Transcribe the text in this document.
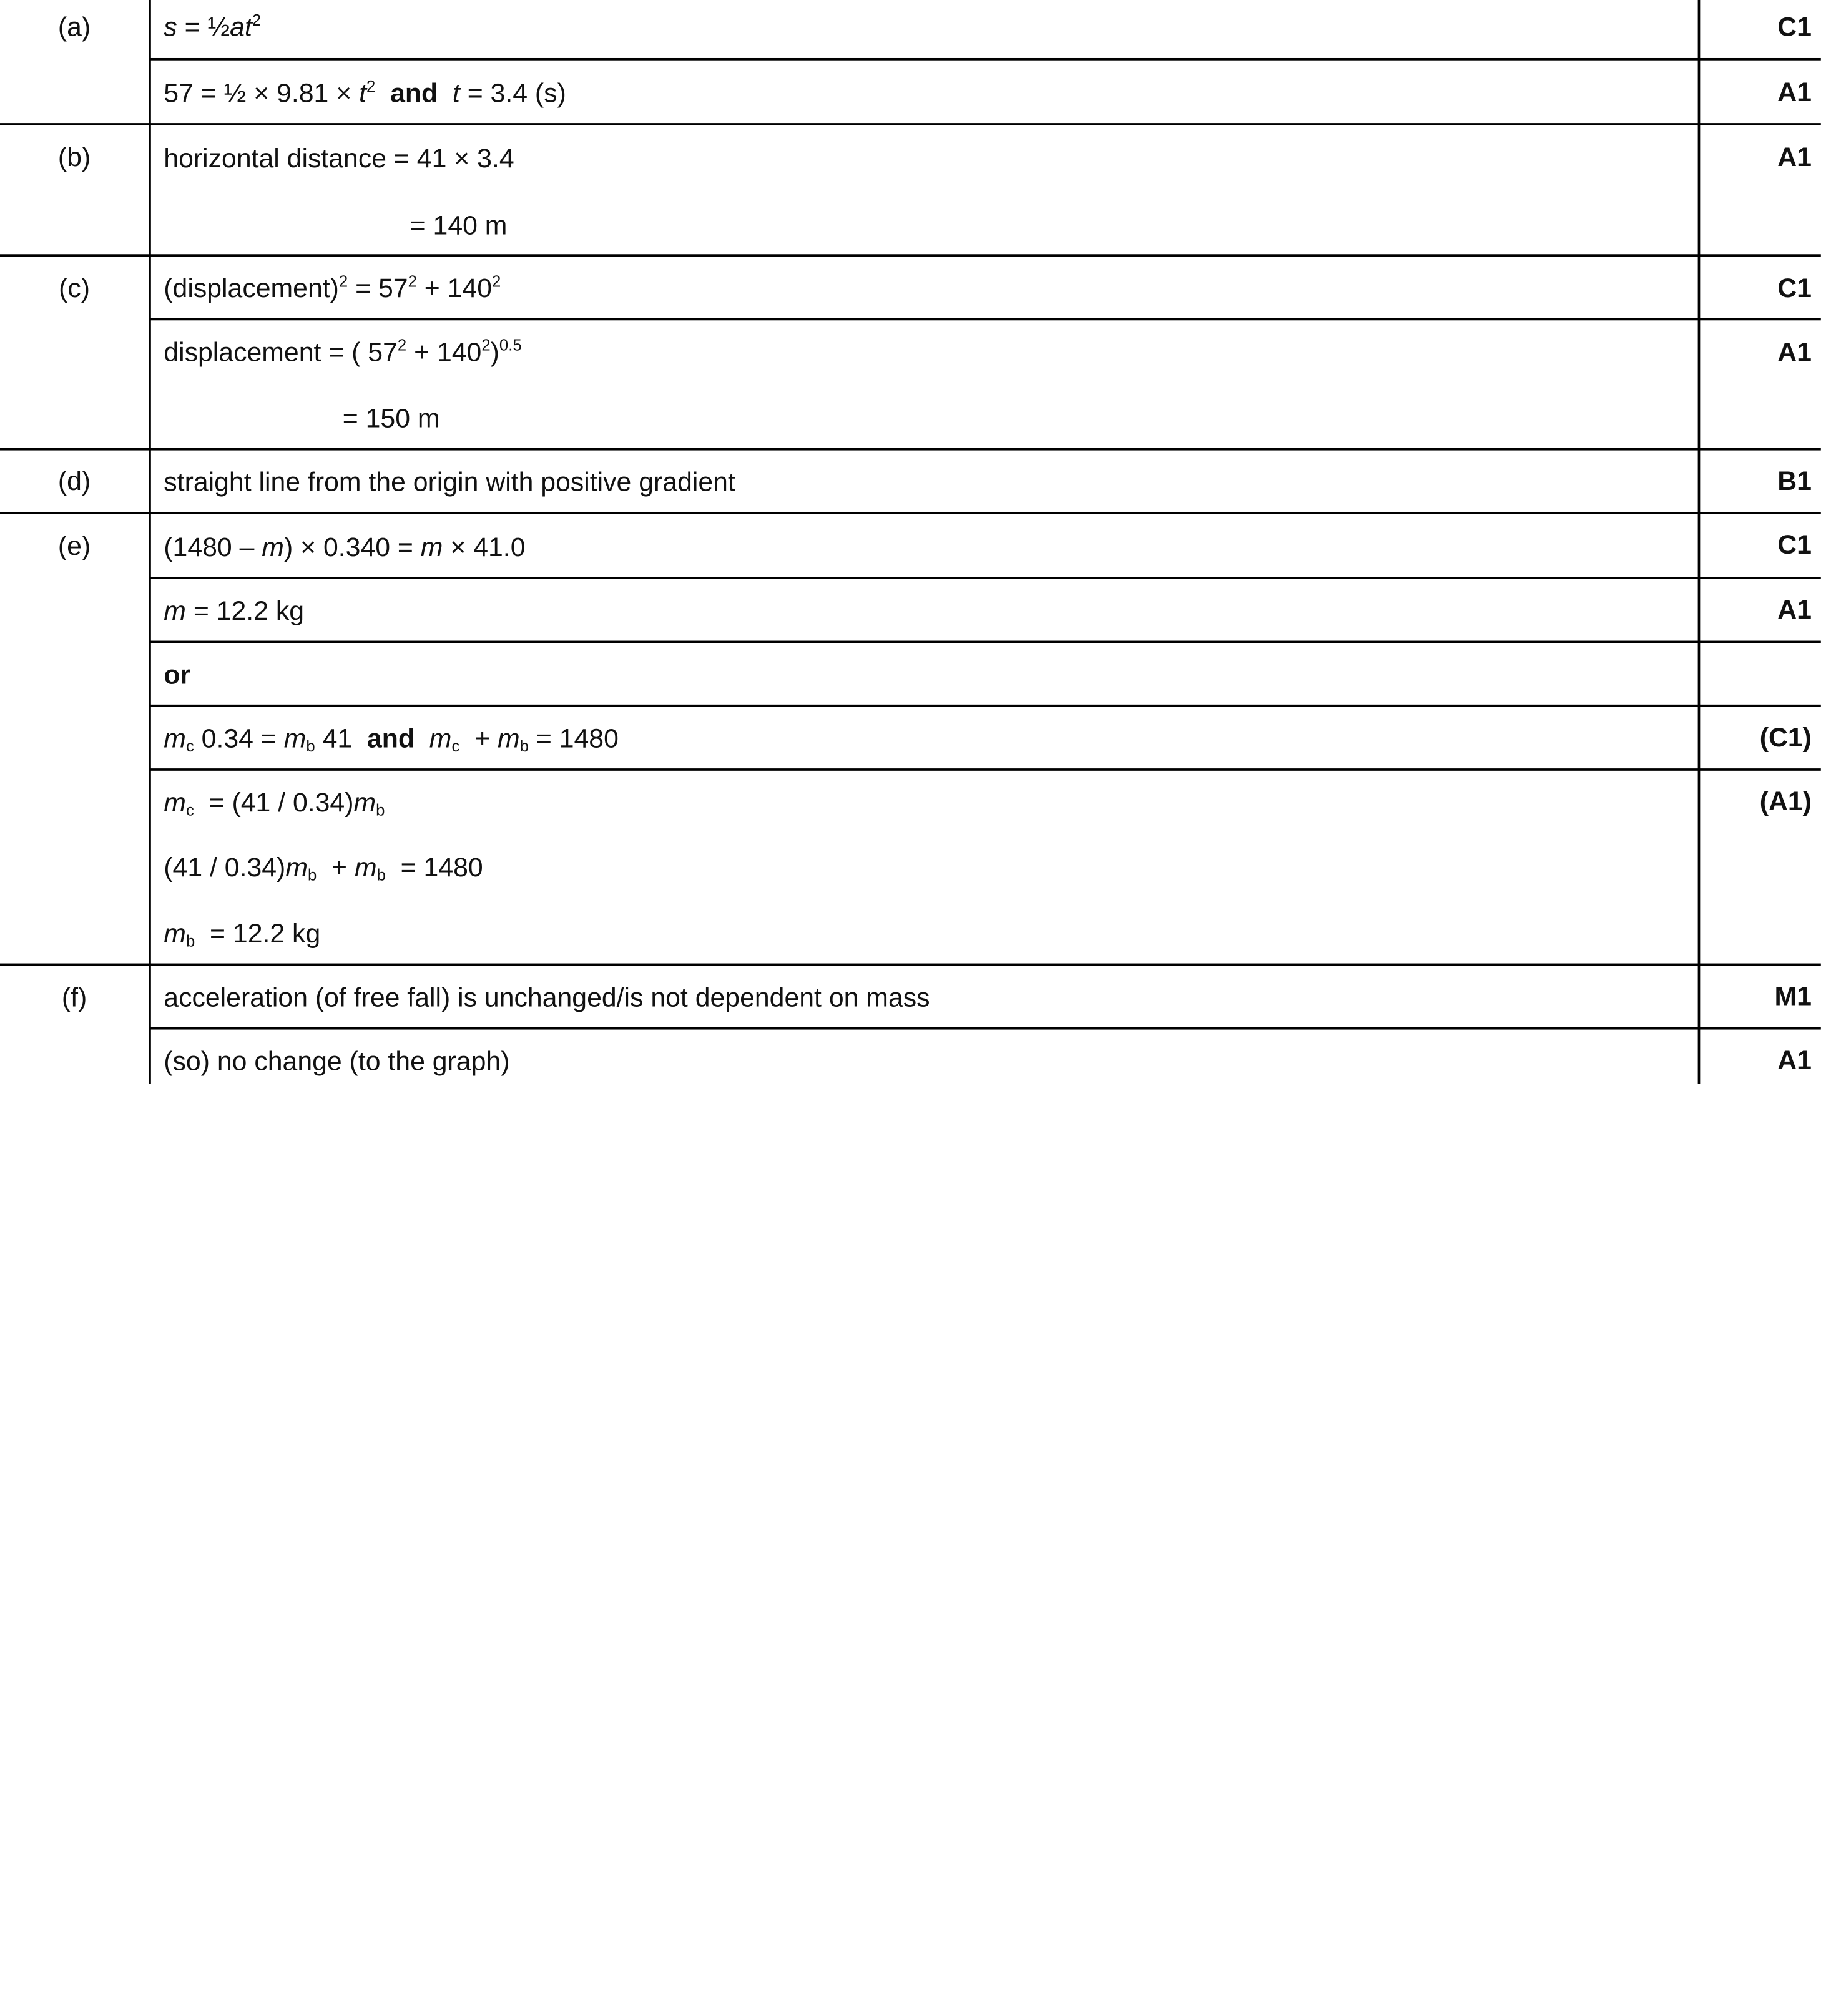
(a)
(b)
(c)
(d)
(e)
(f)
$s = \frac{1}{2}at^2$
57 = ½ × $9.81 \times t^2$ and t = 3.4 (s)
horizontal distance = 41 × 3.4
= 140 m
(displacement)$^2$ = $57^2 + 140^2$
displacement = ( $57^2 + 140^2)^{0.5}$
= 150 m
straight line from the origin with positive gradient
(1480 – m) × 0.340 = m × 41.0
m = 12.2 kg
or
$m_c$ $0.34 = m_b$ 41  and $m_c + m_b = 1480$
$m_c = (41 / 0.34)m_b$
$(41 / 0.34)m_b + m_b = 1480$
$m_b = 12.2$ kg
acceleration (of free fall) is unchanged/is not dependent on mass
(so) no change (to the graph)
C1
A1
A1
C1
A1
B1
C1
A1
(C1)
(A1)
M1
A1
